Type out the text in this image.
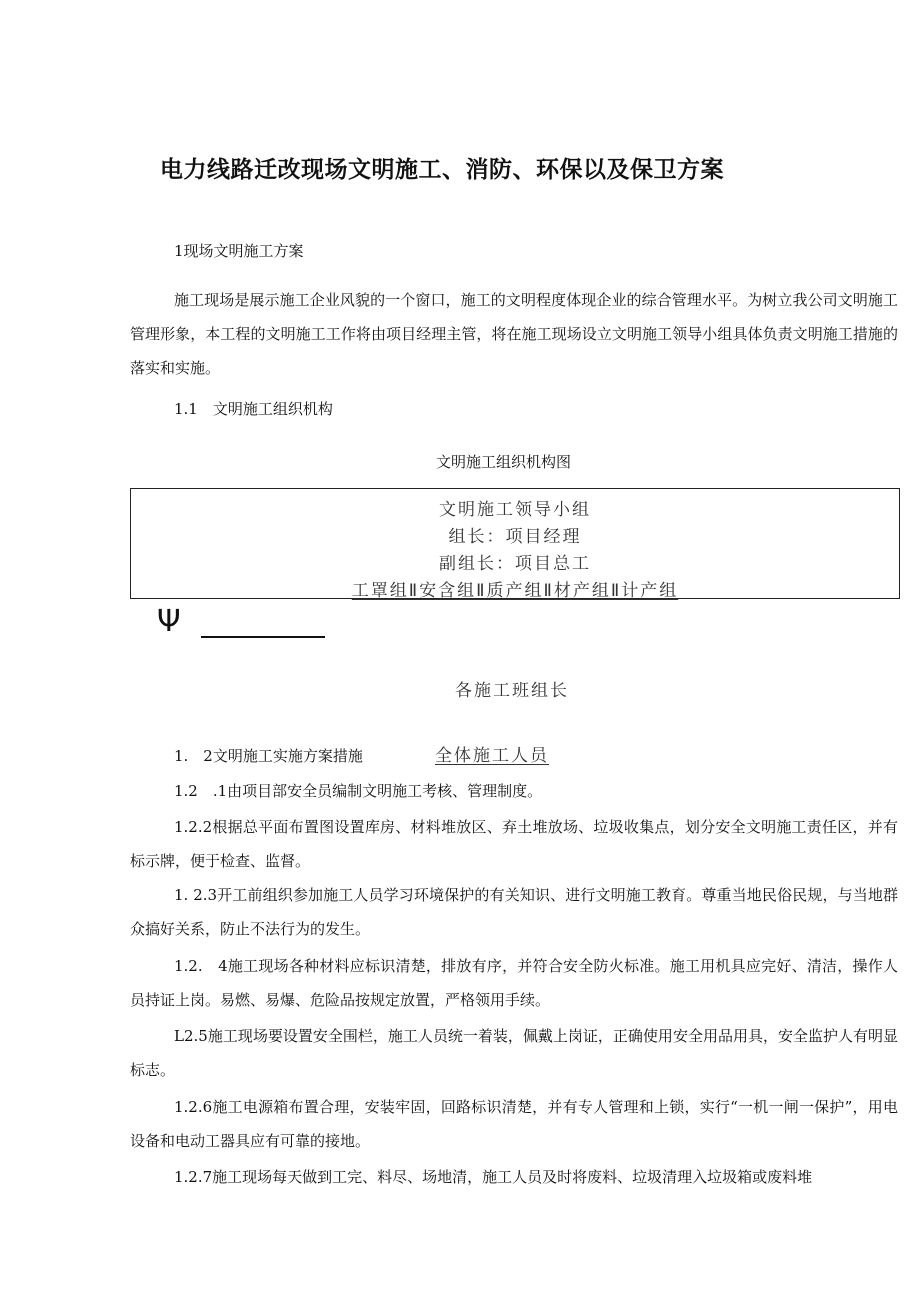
电力线路迁改现场文明施工、消防、环保以及保卫方案
1现场文明施工方案
施工现场是展示施工企业风貌的一个窗口，施工的文明程度体现企业的综合管理水平。为树立我公司文明施工管理形象，本工程的文明施工工作将由项目经理主管，将在施工现场设立文明施工领导小组具体负责文明施工措施的落实和实施。
1.1　文明施工组织机构
文明施工组织机构图
文明施工领导小组
组长：项目经理
副组长：项目总工
工罩组Ⅱ安含组Ⅱ质产组Ⅱ材产组Ⅱ计产组
Ψ
各施工班组长
1.　2文明施工实施方案措施	全体施工人员
1.2　.1由项目部安全员编制文明施工考核、管理制度。
1.2.2根据总平面布置图设置库房、材料堆放区、弃土堆放场、垃圾收集点，划分安全文明施工责任区，并有标示牌，便于检查、监督。
1. 2.3开工前组织参加施工人员学习环境保护的有关知识、进行文明施工教育。尊重当地民俗民规，与当地群众搞好关系，防止不法行为的发生。
1.2.　4施工现场各种材料应标识清楚，排放有序，并符合安全防火标准。施工用机具应完好、清洁，操作人员持证上岗。易燃、易爆、危险品按规定放置，严格领用手续。
L2.5施工现场要设置安全围栏，施工人员统一着装，佩戴上岗证，正确使用安全用品用具，安全监护人有明显标志。
1.2.6施工电源箱布置合理，安装牢固，回路标识清楚，并有专人管理和上锁，实行“一机一闸一保护”，用电设备和电动工器具应有可靠的接地。
1.2.7施工现场每天做到工完、料尽、场地清，施工人员及时将废料、垃圾清理入垃圾箱或废料堆
